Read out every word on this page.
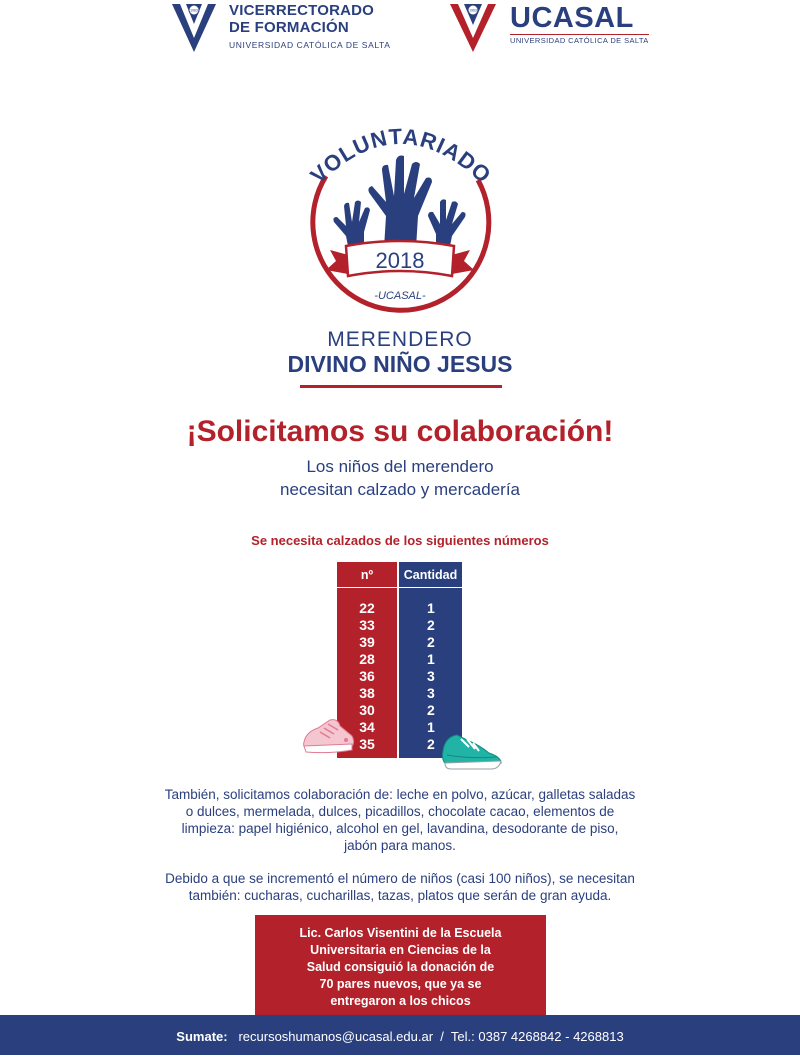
1963 VICERRECTORADO
DE FORMACIÓN
UNIVERSIDAD CATÓLICA DE SALTA
1963 UCASAL
UNIVERSIDAD CATÓLICA DE SALTA
VOLUNTARIADO
2018
-UCASAL-
MERENDERO
DIVINO NIÑO JESUS
¡Solicitamos su colaboración!
Los niños del merendero
necesitan calzado y mercadería
Se necesita calzados de los siguientes números
nº
22
33
39
28
36
38
30
34
35
Cantidad
1
2
2
1
3
3
2
1
2
También, solicitamos colaboración de: leche en polvo, azúcar, galletas saladas
o dulces, mermelada, dulces, picadillos, chocolate cacao, elementos de
limpieza: papel higiénico, alcohol en gel, lavandina, desodorante de piso,
jabón para manos.
Debido a que se incrementó el número de niños (casi 100 niños), se necesitan
también: cucharas, cucharillas, tazas, platos que serán de gran ayuda.
Lic. Carlos Visentini de la Escuela
Universitaria en Ciencias de la
Salud consiguió la donación de
70 pares nuevos, que ya se
entregaron a los chicos
Sumate: recursoshumanos@ucasal.edu.ar / Tel.: 0387 4268842 - 4268813
